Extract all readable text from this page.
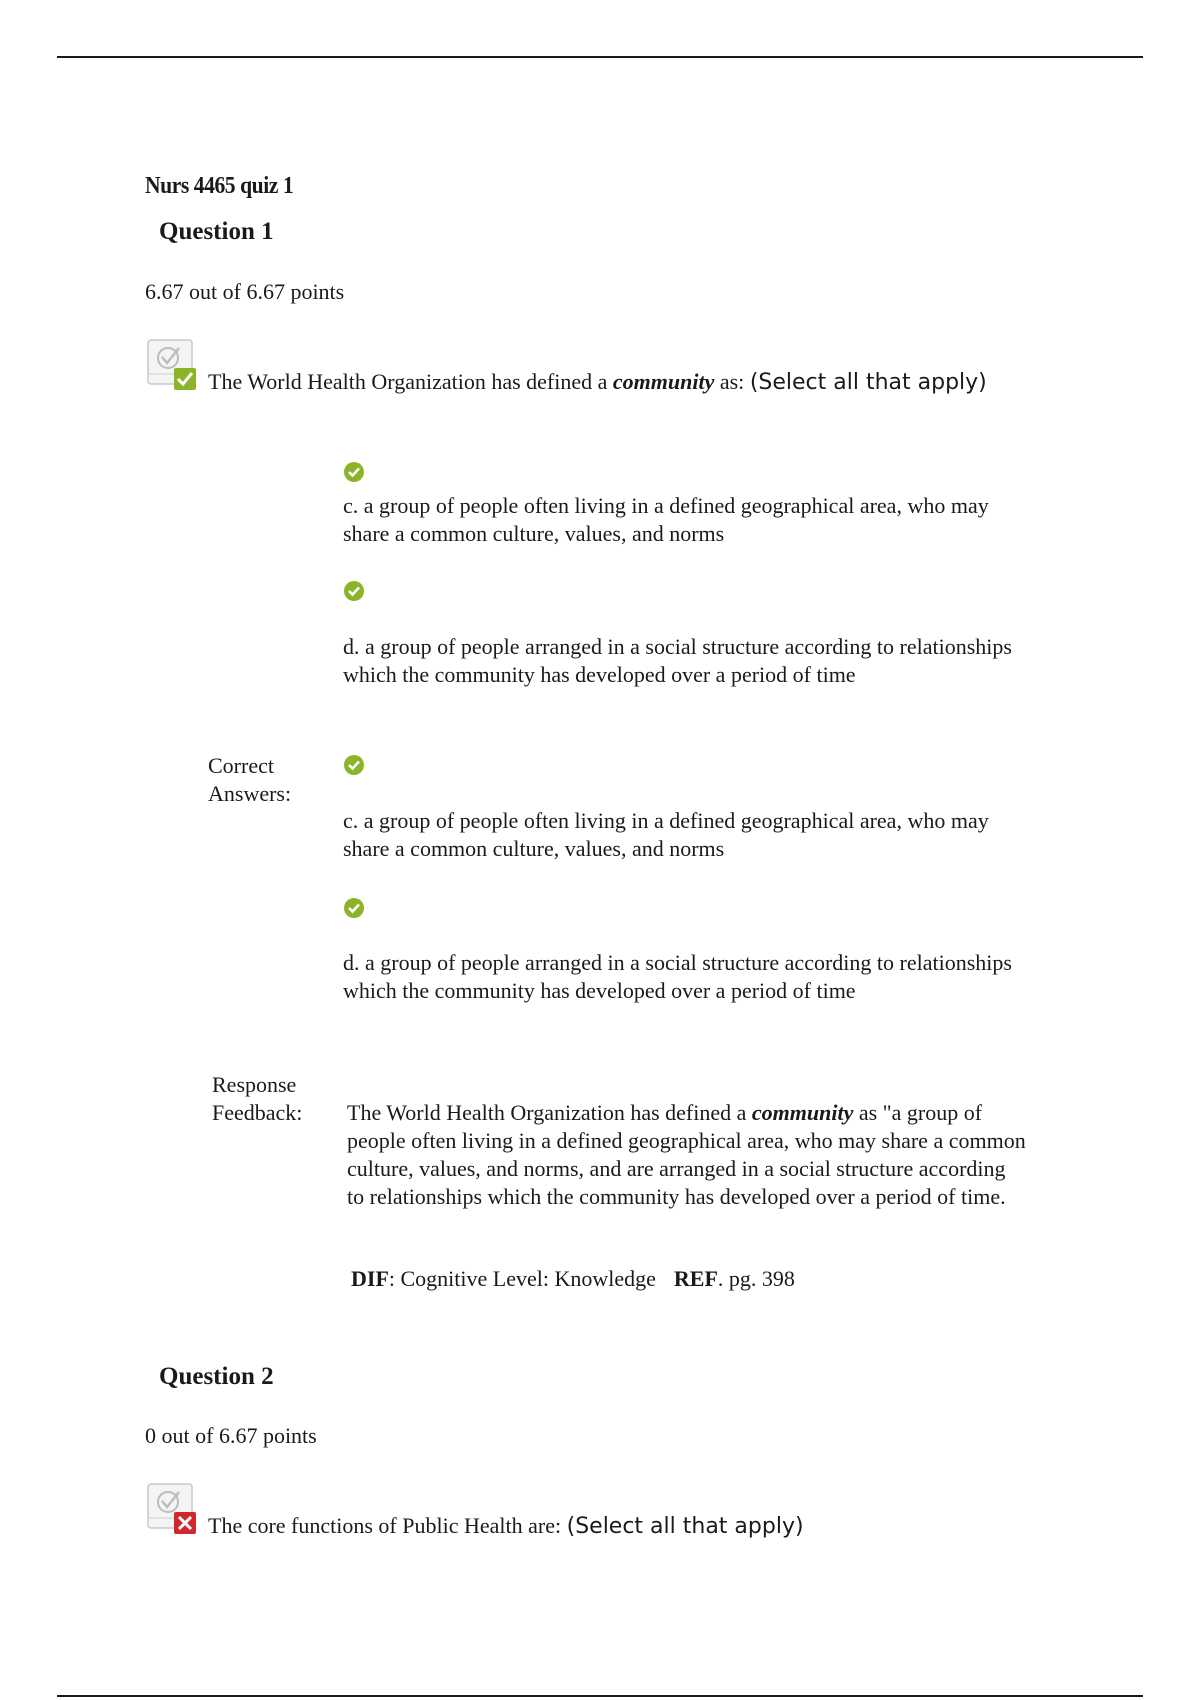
Nurs 4465 quiz 1
Question 1
6.67 out of 6.67 points
The World Health Organization has defined a community as: (Select all that apply)
c. a group of people often living in a defined geographical area, who may share a common culture, values, and norms
d. a group of people arranged in a social structure according to relationships which the community has developed over a period of time
Correct
Answers:
c. a group of people often living in a defined geographical area, who may share a common culture, values, and norms
d. a group of people arranged in a social structure according to relationships which the community has developed over a period of time
Response
Feedback: The World Health Organization has defined a community as "a group of people often living in a defined geographical area, who may share a common culture, values, and norms, and are arranged in a social structure according to relationships which the community has developed over a period of time.
DIF: Cognitive Level: Knowledge REF. pg. 398
Question 2
0 out of 6.67 points
The core functions of Public Health are: (Select all that apply)
